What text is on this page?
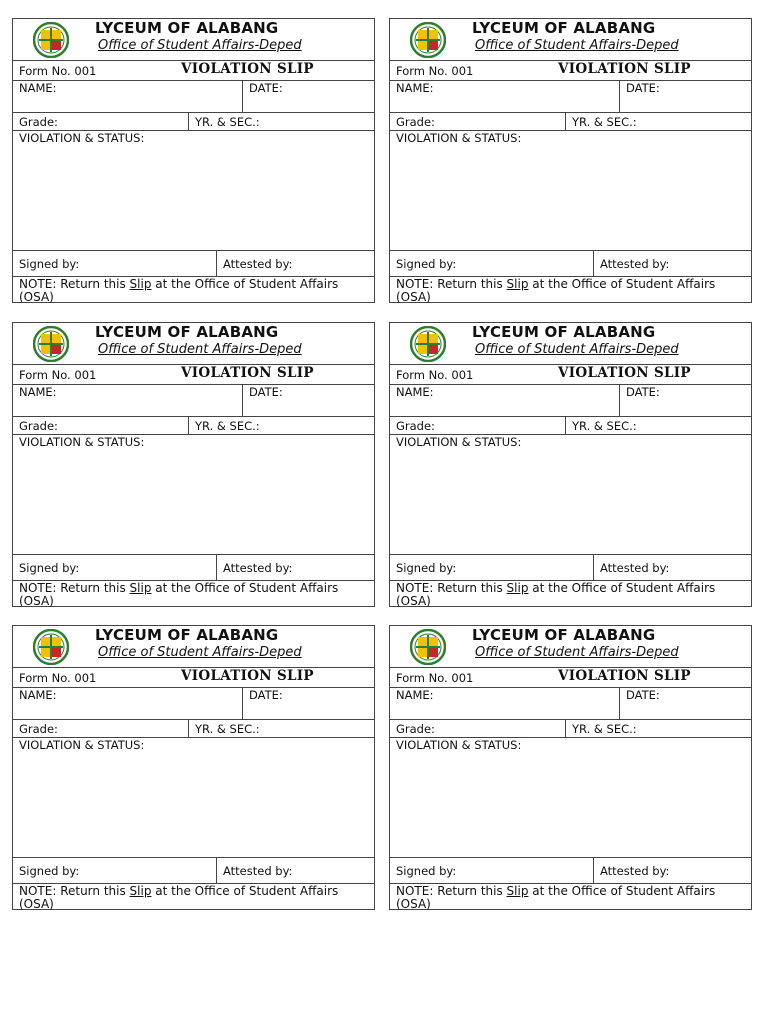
LYCEUM OF ALABANG
Office of Student Affairs-Deped
Form No. 001	VIOLATION SLIP
NAME:	DATE:
Grade:	YR. & SEC.:
VIOLATION & STATUS:
Signed by:	Attested by:
NOTE: Return this Slip at the Office of Student Affairs (OSA)
LYCEUM OF ALABANG
Office of Student Affairs-Deped
Form No. 001	VIOLATION SLIP
NAME:	DATE:
Grade:	YR. & SEC.:
VIOLATION & STATUS:
Signed by:	Attested by:
NOTE: Return this Slip at the Office of Student Affairs (OSA)
LYCEUM OF ALABANG
Office of Student Affairs-Deped
Form No. 001	VIOLATION SLIP
NAME:	DATE:
Grade:	YR. & SEC.:
VIOLATION & STATUS:
Signed by:	Attested by:
NOTE: Return this Slip at the Office of Student Affairs (OSA)
LYCEUM OF ALABANG
Office of Student Affairs-Deped
Form No. 001	VIOLATION SLIP
NAME:	DATE:
Grade:	YR. & SEC.:
VIOLATION & STATUS:
Signed by:	Attested by:
NOTE: Return this Slip at the Office of Student Affairs (OSA)
LYCEUM OF ALABANG
Office of Student Affairs-Deped
Form No. 001	VIOLATION SLIP
NAME:	DATE:
Grade:	YR. & SEC.:
VIOLATION & STATUS:
Signed by:	Attested by:
NOTE: Return this Slip at the Office of Student Affairs (OSA)
LYCEUM OF ALABANG
Office of Student Affairs-Deped
Form No. 001	VIOLATION SLIP
NAME:	DATE:
Grade:	YR. & SEC.:
VIOLATION & STATUS:
Signed by:	Attested by:
NOTE: Return this Slip at the Office of Student Affairs (OSA)
